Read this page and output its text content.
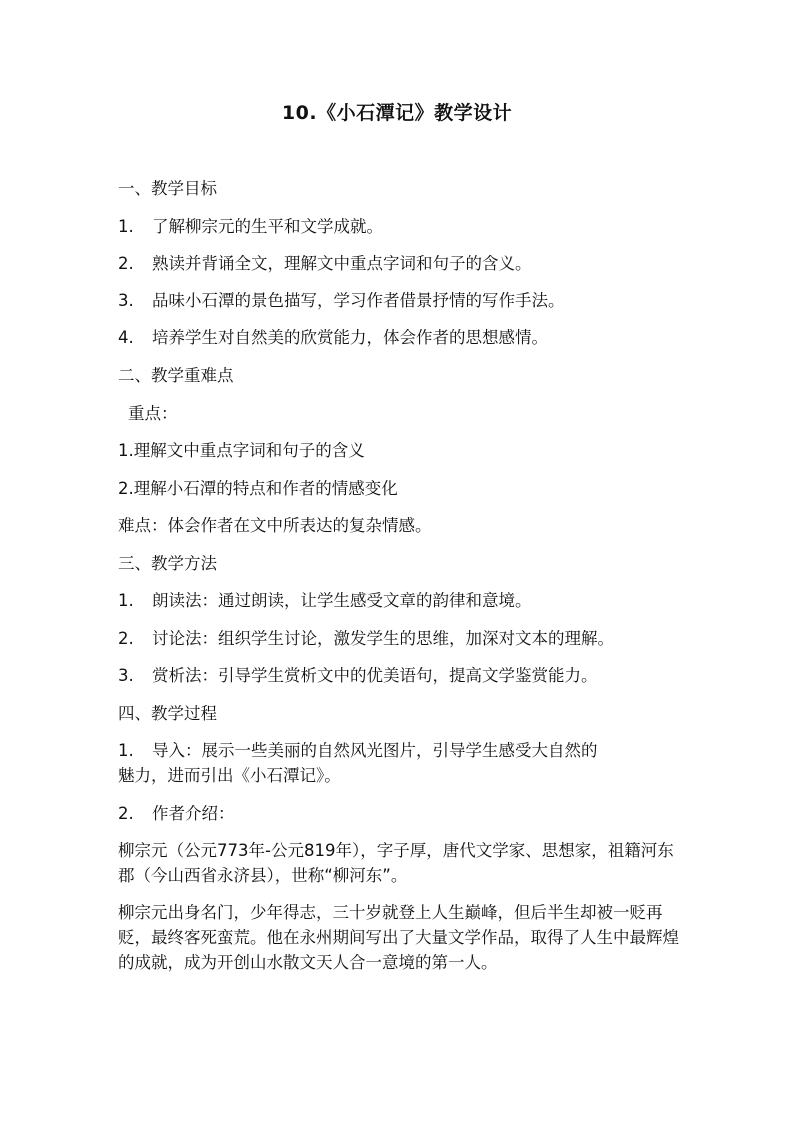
10.《小石潭记》教学设计
一、教学目标
1. 了解柳宗元的生平和文学成就。
2. 熟读并背诵全文，理解文中重点字词和句子的含义。
3. 品味小石潭的景色描写，学习作者借景抒情的写作手法。
4. 培养学生对自然美的欣赏能力，体会作者的思想感情。
二、教学重难点
重点：
1.理解文中重点字词和句子的含义
2.理解小石潭的特点和作者的情感变化
难点：体会作者在文中所表达的复杂情感。
三、教学方法
1. 朗读法：通过朗读，让学生感受文章的韵律和意境。
2. 讨论法：组织学生讨论，激发学生的思维，加深对文本的理解。
3. 赏析法：引导学生赏析文中的优美语句，提高文学鉴赏能力。
四、教学过程
1. 导入：展示一些美丽的自然风光图片，引导学生感受大自然的
魅力，进而引出《小石潭记》。
2. 作者介绍：
柳宗元（公元773年-公元819年），字子厚，唐代文学家、思想家，祖籍河东郡（今山西省永济县），世称“柳河东”。
柳宗元出身名门，少年得志，三十岁就登上人生巅峰，但后半生却被一贬再贬，最终客死蛮荒。他在永州期间写出了大量文学作品，取得了人生中最辉煌的成就，成为开创山水散文天人合一意境的第一人。
